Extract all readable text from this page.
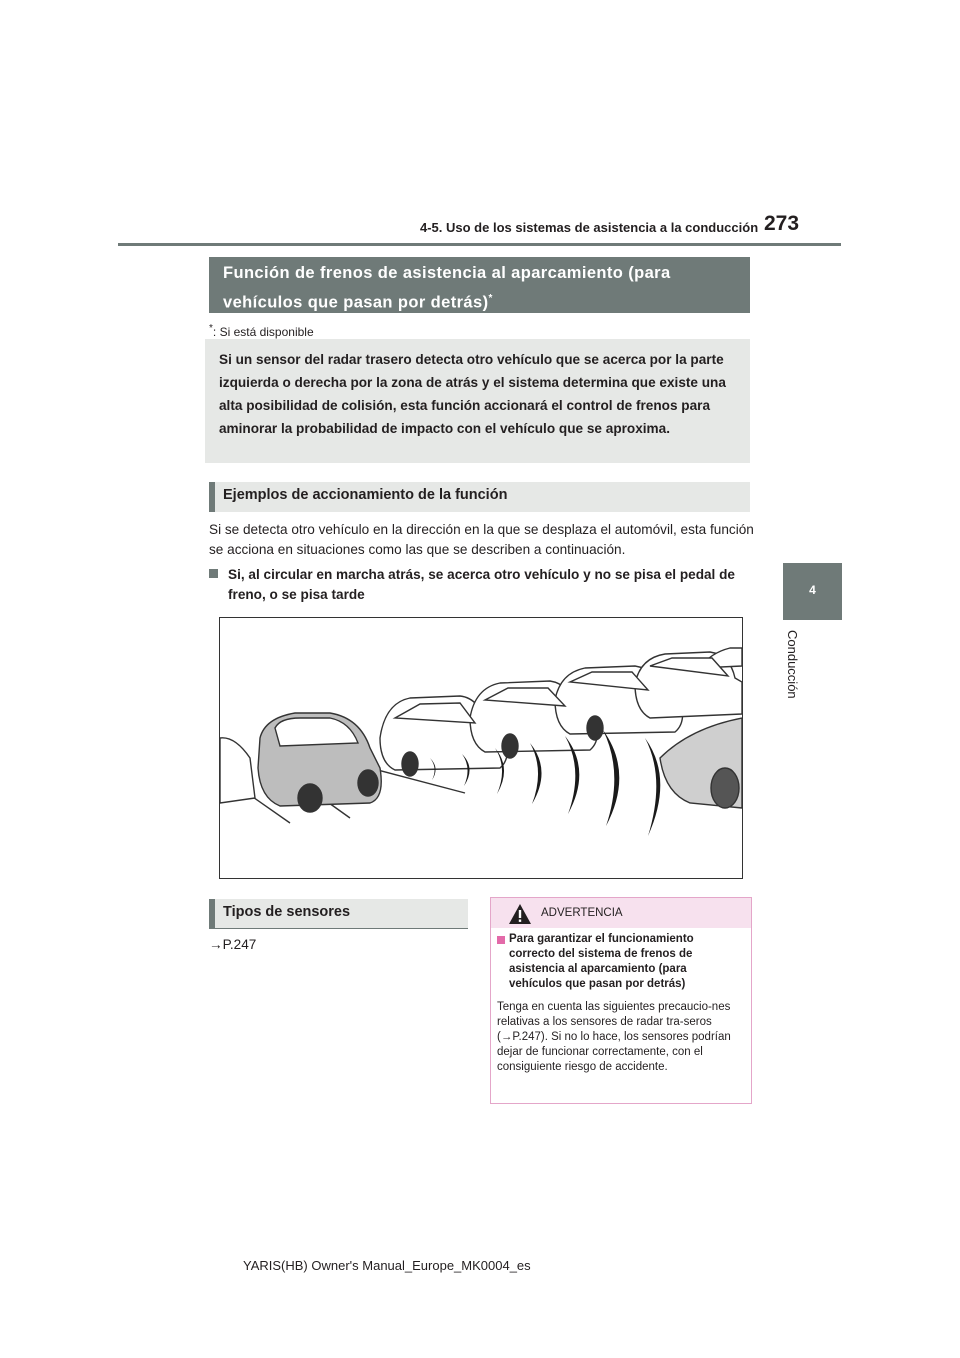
4-5. Uso de los sistemas de asistencia a la conducción 273
4
Conducción
Función de frenos de asistencia al aparcamiento (para vehículos que pasan por detrás)*
*: Si está disponible
Si un sensor del radar trasero detecta otro vehículo que se acerca por la parte izquierda o derecha por la zona de atrás y el sistema determina que existe una alta posibilidad de colisión, esta función accionará el control de frenos para aminorar la probabilidad de impacto con el vehículo que se aproxima.
Ejemplos de accionamiento de la función
Si se detecta otro vehículo en la dirección en la que se desplaza el automóvil, esta función se acciona en situaciones como las que se describen a continuación.
Si, al circular en marcha atrás, se acerca otro vehículo y no se pisa el pedal de freno, o se pisa tarde
Tipos de sensores
→P.247
ADVERTENCIA
Para garantizar el funcionamiento correcto del sistema de frenos de asistencia al aparcamiento (para vehículos que pasan por detrás)
Tenga en cuenta las siguientes precaucio-nes relativas a los sensores de radar tra-seros (→P.247). Si no lo hace, los sensores podrían dejar de funcionar correctamente, con el consiguiente riesgo de accidente.
YARIS(HB) Owner's Manual_Europe_MK0004_es
